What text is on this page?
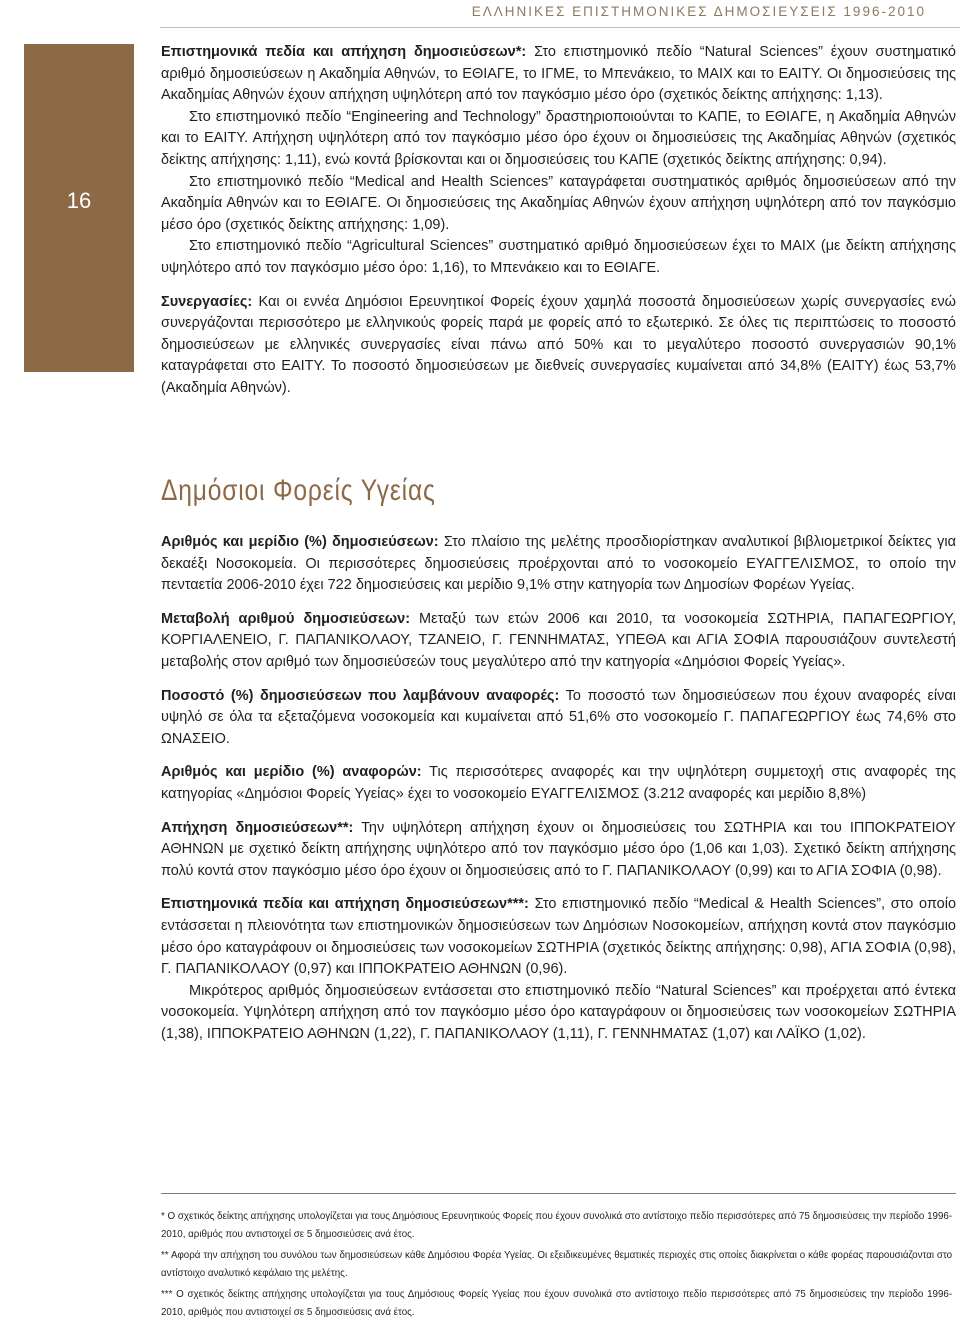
ΕΛΛΗΝΙΚΕΣ ΕΠΙΣΤΗΜΟΝΙΚΕΣ ΔΗΜΟΣΙΕΥΣΕΙΣ 1996-2010
16

Επιστημονικά πεδία και απήχηση δημοσιεύσεων*: Στο επιστημονικό πεδίο “Natural Sciences” έχουν συστηματικό αριθμό δημοσιεύσεων η Ακαδημία Αθηνών, το ΕΘΙΑΓΕ, το ΙΓΜΕ, το Μπενάκειο, το ΜΑΙΧ και το ΕΑΙΤΥ. Οι δημοσιεύσεις της Ακαδημίας Αθηνών έχουν απήχηση υψηλότερη από τον παγκόσμιο μέσο όρο (σχετικός δείκτης απήχησης: 1,13).

Στο επιστημονικό πεδίο “Engineering and Technology” δραστηριοποιούνται το ΚΑΠΕ, το ΕΘΙΑΓΕ, η Ακαδημία Αθηνών και το ΕΑΙΤΥ. Απήχηση υψηλότερη από τον παγκόσμιο μέσο όρο έχουν οι δημοσιεύσεις της Ακαδημίας Αθηνών (σχετικός δείκτης απήχησης: 1,11), ενώ κοντά βρίσκονται και οι δημοσιεύσεις του ΚΑΠΕ (σχετικός δείκτης απήχησης: 0,94).

Στο επιστημονικό πεδίο “Medical and Health Sciences” καταγράφεται συστηματικός αριθμός δημοσιεύσεων από την Ακαδημία Αθηνών και το ΕΘΙΑΓΕ. Οι δημοσιεύσεις της Ακαδημίας Αθηνών έχουν απήχηση υψηλότερη από τον παγκόσμιο μέσο όρο (σχετικός δείκτης απήχησης: 1,09).

Στο επιστημονικό πεδίο “Agricultural Sciences” συστηματικό αριθμό δημοσιεύσεων έχει το ΜΑΙΧ (με δείκτη απήχησης υψηλότερο από τον παγκόσμιο μέσο όρο: 1,16), το Μπενάκειο και το ΕΘΙΑΓΕ.

Συνεργασίες: Και οι εννέα Δημόσιοι Ερευνητικοί Φορείς έχουν χαμηλά ποσοστά δημοσιεύσεων χωρίς συνεργασίες ενώ συνεργάζονται περισσότερο με ελληνικούς φορείς παρά με φορείς από το εξωτερικό. Σε όλες τις περιπτώσεις το ποσοστό δημοσιεύσεων με ελληνικές συνεργασίες είναι πάνω από 50% και το μεγαλύτερο ποσοστό συνεργασιών 90,1% καταγράφεται στο ΕΑΙΤΥ. Το ποσοστό δημοσιεύσεων με διεθνείς συνεργασίες κυμαίνεται από 34,8% (ΕΑΙΤΥ) έως 53,7% (Ακαδημία Αθηνών).

Δημόσιοι Φορείς Υγείας

Αριθμός και μερίδιο (%) δημοσιεύσεων: Στο πλαίσιο της μελέτης προσδιορίστηκαν αναλυτικοί βιβλιομετρικοί δείκτες για δεκαέξι Νοσοκομεία. Οι περισσότερες δημοσιεύσεις προέρχονται από το νοσοκομείο ΕΥΑΓΓΕΛΙΣΜΟΣ, το οποίο την πενταετία 2006-2010 έχει 722 δημοσιεύσεις και μερίδιο 9,1% στην κατηγορία των Δημοσίων Φορέων Υγείας.

Μεταβολή αριθμού δημοσιεύσεων: Μεταξύ των ετών 2006 και 2010, τα νοσοκομεία ΣΩΤΗΡΙΑ, ΠΑΠΑΓΕΩΡΓΙΟΥ, ΚΟΡΓΙΑΛΕΝΕΙΟ, Γ. ΠΑΠΑΝΙΚΟΛΑΟΥ, ΤΖΑΝΕΙΟ, Γ. ΓΕΝΝΗΜΑΤΑΣ, ΥΠΕΘΑ και ΑΓΙΑ ΣΟΦΙΑ παρουσιάζουν συντελεστή μεταβολής στον αριθμό των δημοσιεύσεών τους μεγαλύτερο από την κατηγορία «Δημόσιοι Φορείς Υγείας».

Ποσοστό (%) δημοσιεύσεων που λαμβάνουν αναφορές: Το ποσοστό των δημοσιεύσεων που έχουν αναφορές είναι υψηλό σε όλα τα εξεταζόμενα νοσοκομεία και κυμαίνεται από 51,6% στο νοσοκομείο Γ. ΠΑΠΑΓΕΩΡΓΙΟΥ έως 74,6% στο ΩΝΑΣΕΙΟ.

Αριθμός και μερίδιο (%) αναφορών: Τις περισσότερες αναφορές και την υψηλότερη συμμετοχή στις αναφορές της κατηγορίας «Δημόσιοι Φορείς Υγείας» έχει το νοσοκομείο ΕΥΑΓΓΕΛΙΣΜΟΣ (3.212 αναφορές και μερίδιο 8,8%)

Απήχηση δημοσιεύσεων**: Την υψηλότερη απήχηση έχουν οι δημοσιεύσεις του ΣΩΤΗΡΙΑ και του ΙΠΠΟΚΡΑΤΕΙΟΥ ΑΘΗΝΩΝ με σχετικό δείκτη απήχησης υψηλότερο από τον παγκόσμιο μέσο όρο (1,06 και 1,03). Σχετικό δείκτη απήχησης πολύ κοντά στον παγκόσμιο μέσο όρο έχουν οι δημοσιεύσεις από το Γ. ΠΑΠΑΝΙΚΟΛΑΟΥ (0,99) και το ΑΓΙΑ ΣΟΦΙΑ (0,98).

Επιστημονικά πεδία και απήχηση δημοσιεύσεων***: Στο επιστημονικό πεδίο “Medical & Health Sciences”, στο οποίο εντάσσεται η πλειονότητα των επιστημονικών δημοσιεύσεων των Δημόσιων Νοσοκομείων, απήχηση κοντά στον παγκόσμιο μέσο όρο καταγράφουν οι δημοσιεύσεις των νοσοκομείων ΣΩΤΗΡΙΑ (σχετικός δείκτης απήχησης: 0,98), ΑΓΙΑ ΣΟΦΙΑ (0,98), Γ. ΠΑΠΑΝΙΚΟΛΑΟΥ (0,97) και ΙΠΠΟΚΡΑΤΕΙΟ ΑΘΗΝΩΝ (0,96).

Μικρότερος αριθμός δημοσιεύσεων εντάσσεται στο επιστημονικό πεδίο “Natural Sciences” και προέρχεται από έντεκα νοσοκομεία. Υψηλότερη απήχηση από τον παγκόσμιο μέσο όρο καταγράφουν οι δημοσιεύσεις των νοσοκομείων ΣΩΤΗΡΙΑ (1,38), ΙΠΠΟΚΡΑΤΕΙΟ ΑΘΗΝΩΝ (1,22), Γ. ΠΑΠΑΝΙΚΟΛΑΟΥ (1,11), Γ. ΓΕΝΝΗΜΑΤΑΣ (1,07) και ΛΑΪΚΟ (1,02).

* Ο σχετικός δείκτης απήχησης υπολογίζεται για τους Δημόσιους Ερευνητικούς Φορείς που έχουν συνολικά στο αντίστοιχο πεδίο περισσότερες από 75 δημοσιεύσεις την περίοδο 1996-2010, αριθμός που αντιστοιχεί σε 5 δημοσιεύσεις ανά έτος.

** Αφορά την απήχηση του συνόλου των δημοσιεύσεων κάθε Δημόσιου Φορέα Υγείας. Οι εξειδικευμένες θεματικές περιοχές στις οποίες διακρίνεται ο κάθε φορέας παρουσιάζονται στο αντίστοιχο αναλυτικό κεφάλαιο της μελέτης.

*** Ο σχετικός δείκτης απήχησης υπολογίζεται για τους Δημόσιους Φορείς Υγείας που έχουν συνολικά στο αντίστοιχο πεδίο περισσότερες από 75 δημοσιεύσεις την περίοδο 1996-2010, αριθμός που αντιστοιχεί σε 5 δημοσιεύσεις ανά έτος.
